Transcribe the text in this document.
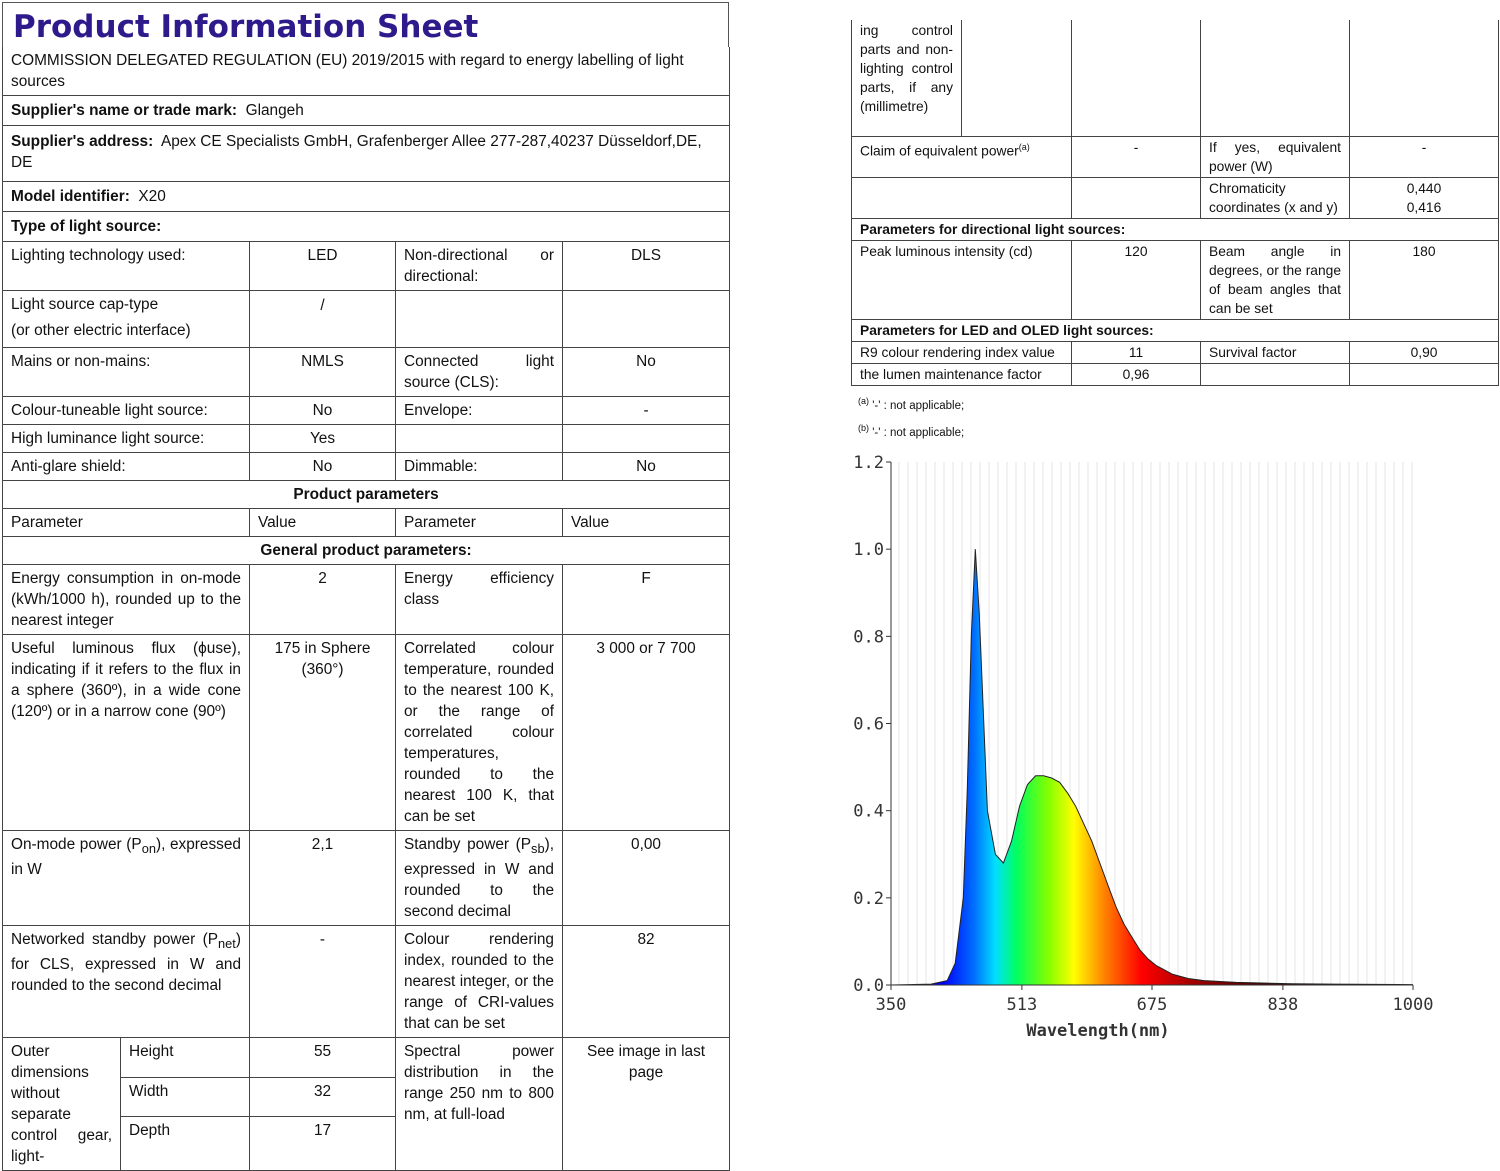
Product Information Sheet
COMMISSION DELEGATED REGULATION (EU) 2019/2015 with regard to energy labelling of light sources				
Supplier's name or trade mark: Glangeh				
Supplier's address: Apex CE Specialists GmbH, Grafenberger Allee 277-287,40237 Düsseldorf,DE, DE				
Model identifier: X20				
Type of light source:				
Lighting technology used:		LED	Non-directional or directional:	DLS

Light source cap-type
(or other electric interface)		/		
Mains or non-mains:		NMLS	Connected light source (CLS):	No
Colour-tuneable light source:		No	Envelope:	-
High luminance light source:		Yes		
Anti-glare shield:		No	Dimmable:	No
Product parameters				
Parameter		Value	Parameter	Value
General product parameters:				
Energy consumption in on-mode (kWh/1000 h), rounded up to the nearest integer		2	Energy efficiency class	F
Useful luminous flux (ϕuse), indicating if it refers to the flux in a sphere (360º), in a wide cone (120º) or in a narrow cone (90º)		175 in Sphere (360°)	Correlated colour temperature, rounded to the nearest 100 K, or the range of correlated colour temperatures, rounded to the nearest 100 K, that can be set	3 000 or 7 700
On-mode power $(P_{on})$, expressed in W		2,1	Standby power $(P_{sb})$, expressed in W and rounded to the second decimal	0,00
Networked standby power $(P_{net})$ for CLS, expressed in W and rounded to the second decimal		-	Colour rendering index, rounded to the nearest integer, or the range of CRI-values that can be set	82
Outer dimensions without separate control gear, light-	Height	55	Spectral power distribution in the range 250 nm to 800 nm, at full-load	See image in last page
	Width	32		
	Depth	17		
ing control parts and non-lighting control parts, if any (millimetre)				
Claim of equivalent power$^{(a)}$		-	If yes, equivalent power (W)	-
			Chromaticity coordinates (x and y)	0,440
0,416

Parameters for directional light sources:				
Peak luminous intensity (cd)		120	Beam angle in degrees, or the range of beam angles that can be set	180
Parameters for LED and OLED light sources:				
R9 colour rendering index value		11	Survival factor	0,90
the lumen maintenance factor		0,96		
$^{(a)}$ '-' : not applicable;
$^{(b)}$ '-' : not applicable;
0.0
0.2
0.4
0.6
0.8
1.0
1.2
350	513	675	838	1000
Wavelength(nm)
